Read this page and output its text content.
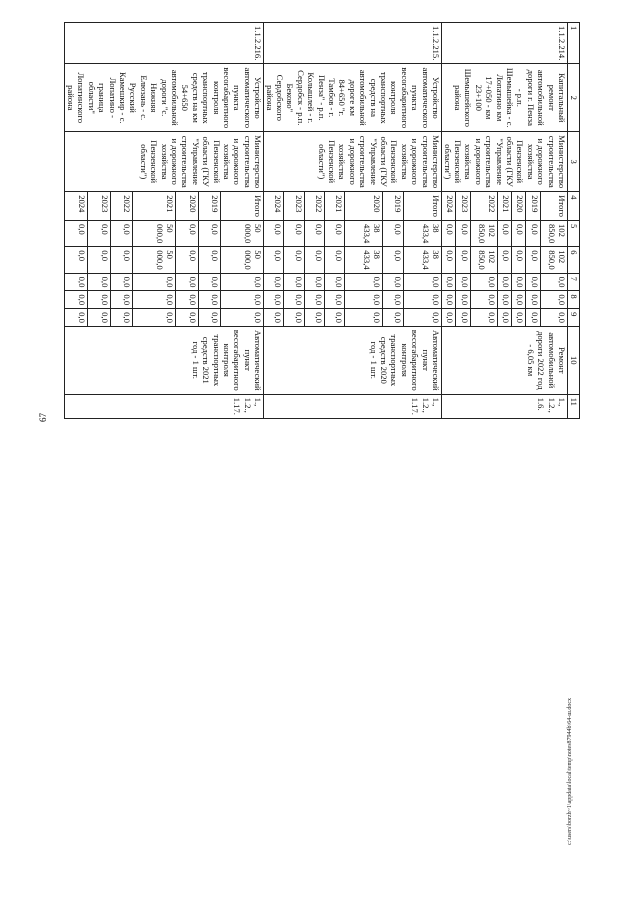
67
c:\users\borzh~1\appdata\local\temp\notes87944b\64-ш.docx
1	2	3	4	5	6	7	8	9	10	11
1.1.2.214.	Капитальный ремонт автомобильной дороги г. Пенза - р.п. Шемышейка - с. Лопатино км 17+050 - км 23+100 Шемышейского района	Министерство строительства и дорожного хозяйства Пензенской области (ГКУ "Управление строительства и дорожного хозяйства Пензенской области")	Итого	102 850,0	102 850,0	0,0	0,0	0,0	Ремонт автомобильной дороги 2022 год - 6,05 км	1., 1.2., 1.6.
			2019	0,0	0,0	0,0	0,0	0,0		
			2020	0,0	0,0	0,0	0,0	0,0		
			2021	0,0	0,0	0,0	0,0	0,0		
			2022	102 850,0	102 850,0	0,0	0,0	0,0		
			2023	0,0	0,0	0,0	0,0	0,0		
			2024	0,0	0,0	0,0	0,0	0,0		
1.1.2.215.	Устройство автоматического пункта весогабаритного контроля транспортных средств на автомобильной дороге км 84+650 "г. Тамбов - г. Пенза" - р.п. Колышлей - г. Сердобск - р.п. Беково" Сердобского района	Министерство строительства и дорожного хозяйства Пензенской области (ГКУ "Управление строительства и дорожного хозяйства Пензенской области")	Итого	38 433,4	38 433,4	0,0	0,0	0,0	Автоматический пункт весогабаритного контроля транспортных средств 2020 год - 1 шт.	1., 1.2., 1.17.
			2019	0,0	0,0	0,0	0,0	0,0		
			2020	38 433,4	38 433,4	0,0	0,0	0,0		
			2021	0,0	0,0	0,0	0,0	0,0		
			2022	0,0	0,0	0,0	0,0	0,0		
			2023	0,0	0,0	0,0	0,0	0,0		
			2024	0,0	0,0	0,0	0,0	0,0		
1.1.2.216.	Устройство автоматического пункта весогабаритного контроля транспортных средств на км 54+650 автомобильной дороги "с. Нижняя Елюзань - с. Русский Камешкир - с. Лопатино - граница области" Лопатинского района	Министерство строительства и дорожного хозяйства Пензенской области (ГКУ "Управление строительства и дорожного хозяйства Пензенской области")	Итого	50 000,0	50 000,0	0,0	0,0	0,0	Автоматический пункт весогабаритного контроля транспортных средств 2021 год - 1 шт.	1., 1.2., 1.17.
			2019	0,0	0,0	0,0	0,0	0,0		
			2020	0,0	0,0	0,0	0,0	0,0		
			2021	50 000,0	50 000,0	0,0	0,0	0,0		
			2022	0,0	0,0	0,0	0,0	0,0		
			2023	0,0	0,0	0,0	0,0	0,0		
			2024	0,0	0,0	0,0	0,0	0,0		
